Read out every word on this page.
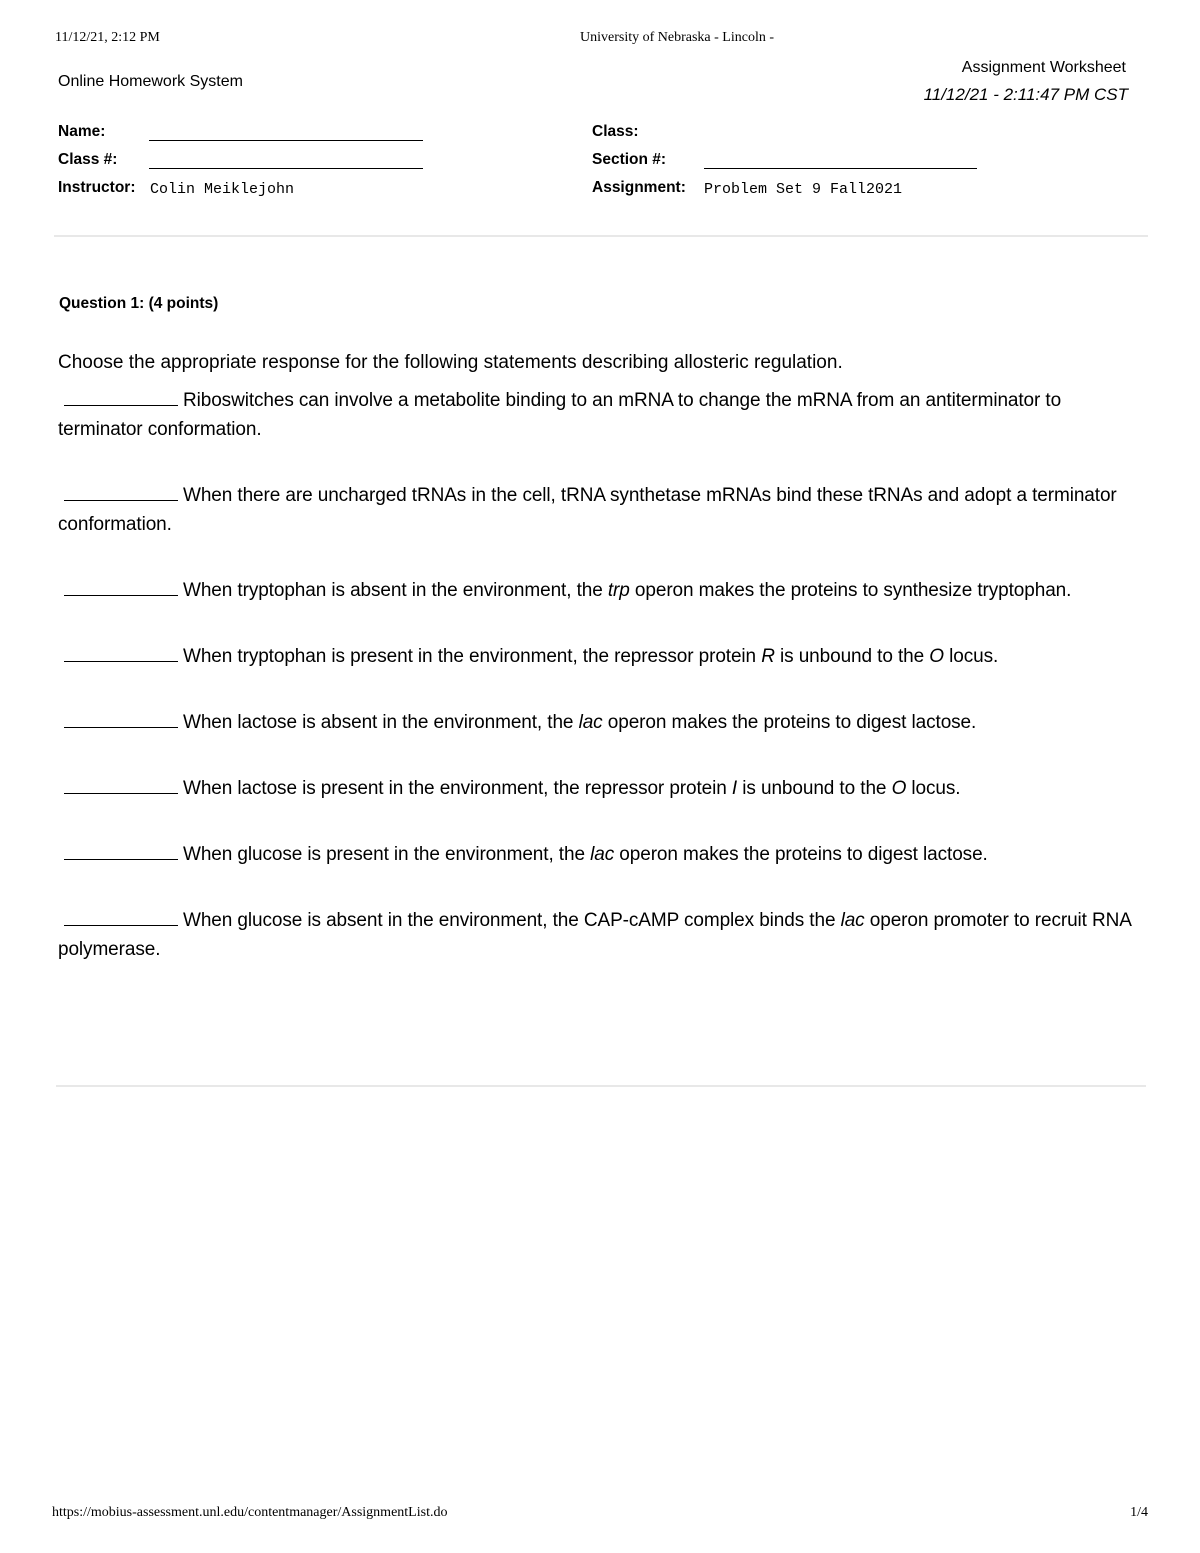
11/12/21, 2:12 PM	University of Nebraska - Lincoln -
Online Homework System
Assignment Worksheet
11/12/21 - 2:11:47 PM CST
Name:	Class:
Class #:	Section #:
Instructor: Colin Meiklejohn	Assignment: Problem Set 9 Fall2021
Question 1: (4 points)
Choose the appropriate response for the following statements describing allosteric regulation.
Riboswitches can involve a metabolite binding to an mRNA to change the mRNA from an antiterminator to terminator conformation.
When there are uncharged tRNAs in the cell, tRNA synthetase mRNAs bind these tRNAs and adopt a terminator conformation.
When tryptophan is absent in the environment, the trp operon makes the proteins to synthesize tryptophan.
When tryptophan is present in the environment, the repressor protein R is unbound to the O locus.
When lactose is absent in the environment, the lac operon makes the proteins to digest lactose.
When lactose is present in the environment, the repressor protein I is unbound to the O locus.
When glucose is present in the environment, the lac operon makes the proteins to digest lactose.
When glucose is absent in the environment, the CAP-cAMP complex binds the lac operon promoter to recruit RNA polymerase.
https://mobius-assessment.unl.edu/contentmanager/AssignmentList.do	1/4
